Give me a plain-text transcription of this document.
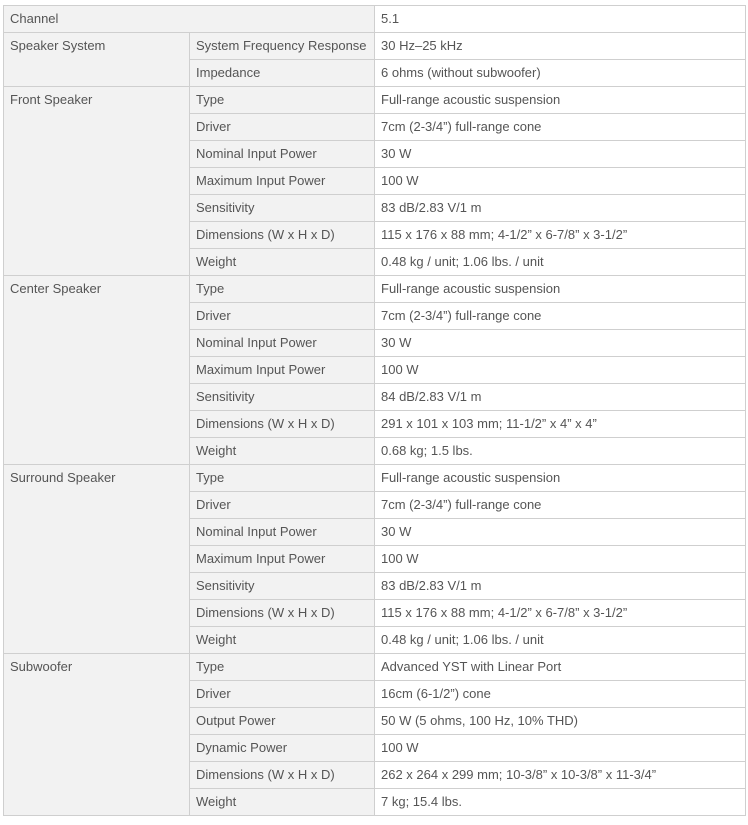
Channel		5.1
Speaker System	System Frequency Response	30 Hz–25 kHz
	Impedance	6 ohms (without subwoofer)
Front Speaker	Type	Full-range acoustic suspension
	Driver	7cm (2-3/4”) full-range cone
	Nominal Input Power	30 W
	Maximum Input Power	100 W
	Sensitivity	83 dB/2.83 V/1 m
	Dimensions (W x H x D)	115 x 176 x 88 mm; 4-1/2” x 6-7/8” x 3-1/2”
	Weight	0.48 kg / unit; 1.06 lbs. / unit
Center Speaker	Type	Full-range acoustic suspension
	Driver	7cm (2-3/4”) full-range cone
	Nominal Input Power	30 W
	Maximum Input Power	100 W
	Sensitivity	84 dB/2.83 V/1 m
	Dimensions (W x H x D)	291 x 101 x 103 mm; 11-1/2” x 4” x 4”
	Weight	0.68 kg; 1.5 lbs.
Surround Speaker	Type	Full-range acoustic suspension
	Driver	7cm (2-3/4”) full-range cone
	Nominal Input Power	30 W
	Maximum Input Power	100 W
	Sensitivity	83 dB/2.83 V/1 m
	Dimensions (W x H x D)	115 x 176 x 88 mm; 4-1/2” x 6-7/8” x 3-1/2”
	Weight	0.48 kg / unit; 1.06 lbs. / unit
Subwoofer	Type	Advanced YST with Linear Port
	Driver	16cm (6-1/2”) cone
	Output Power	50 W (5 ohms, 100 Hz, 10% THD)
	Dynamic Power	100 W
	Dimensions (W x H x D)	262 x 264 x 299 mm; 10-3/8” x 10-3/8” x 11-3/4”
	Weight	7 kg; 15.4 lbs.
